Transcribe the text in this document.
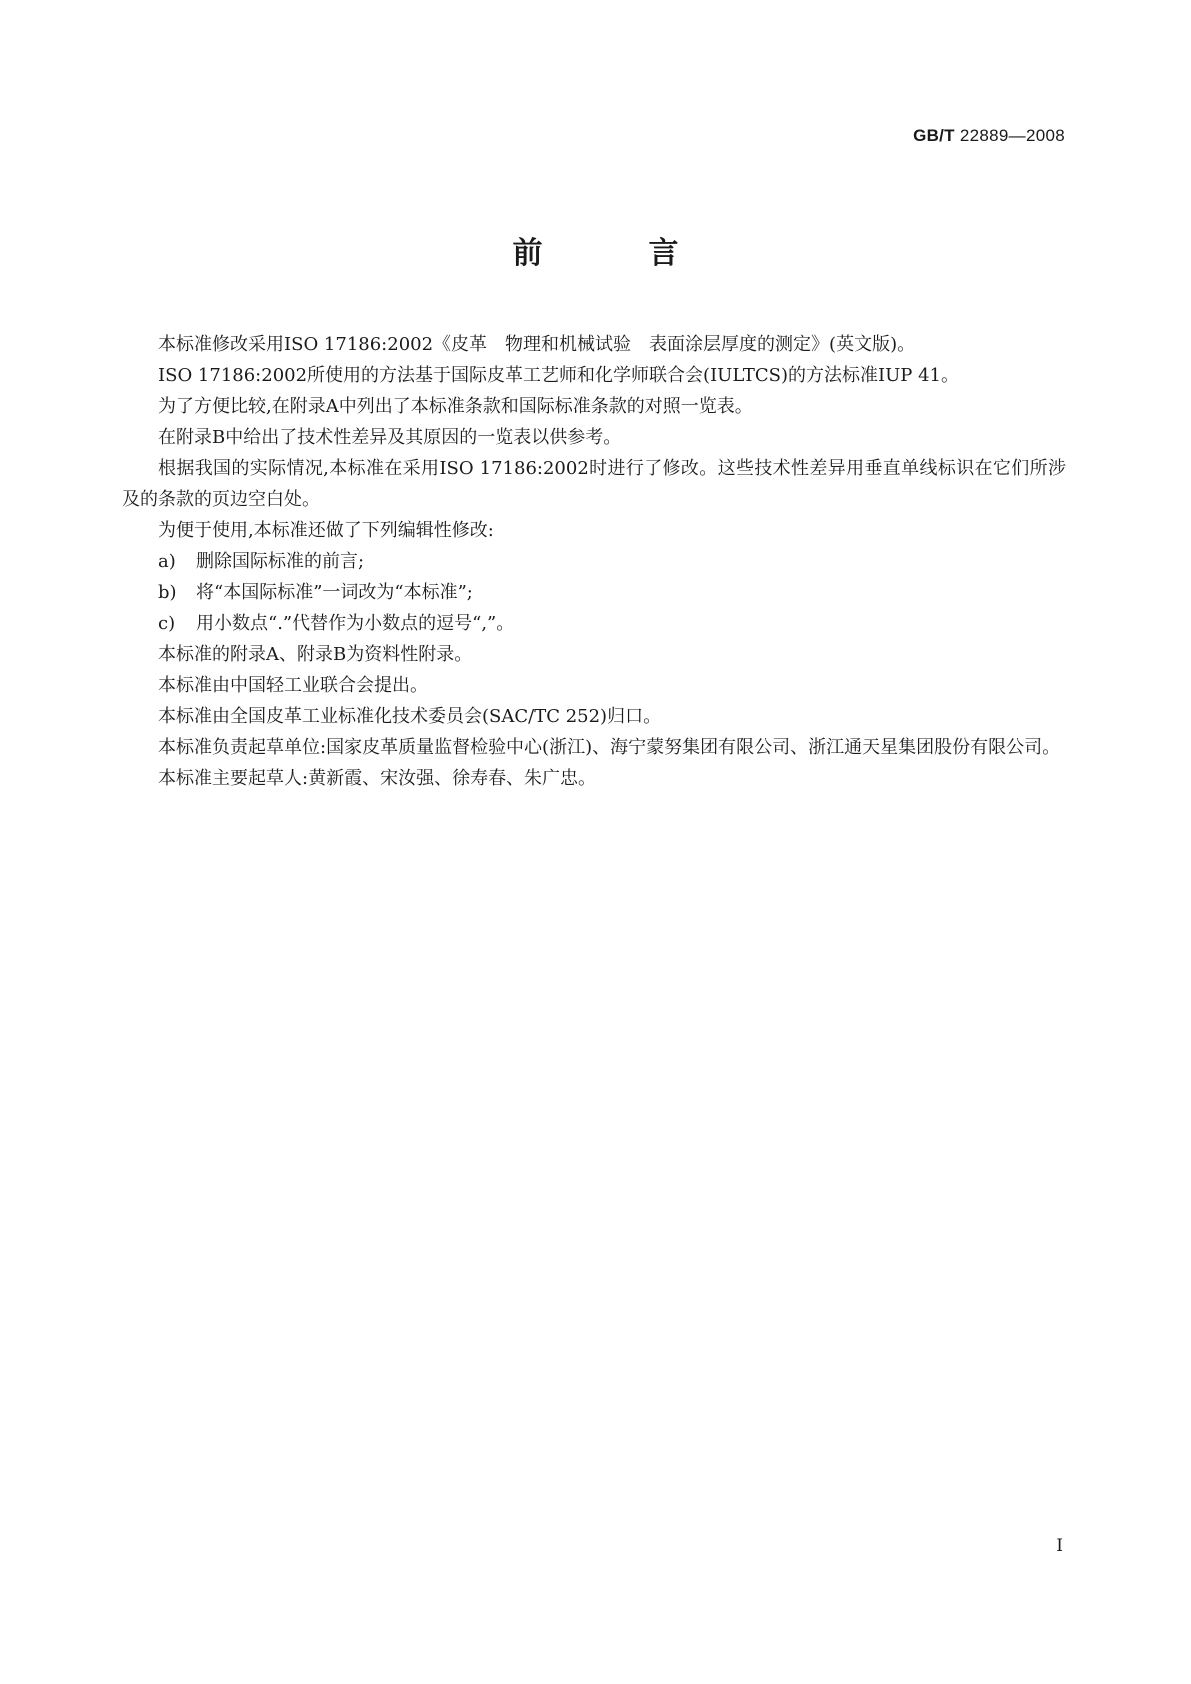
GB/T 22889—2008
前　言

本标准修改采用ISO 17186:2002《皮革　物理和机械试验　表面涂层厚度的测定》(英文版)。

ISO 17186:2002所使用的方法基于国际皮革工艺师和化学师联合会(IULTCS)的方法标准IUP 41。

为了方便比较,在附录A中列出了本标准条款和国际标准条款的对照一览表。

在附录B中给出了技术性差异及其原因的一览表以供参考。

根据我国的实际情况,本标准在采用ISO 17186:2002时进行了修改。这些技术性差异用垂直单线标识在它们所涉及的条款的页边空白处。

为便于使用,本标准还做了下列编辑性修改:

a) 删除国际标准的前言;

b) 将“本国际标准”一词改为“本标准”;

c) 用小数点“.”代替作为小数点的逗号“,”。

本标准的附录A、附录B为资料性附录。

本标准由中国轻工业联合会提出。

本标准由全国皮革工业标准化技术委员会(SAC/TC 252)归口。

本标准负责起草单位:国家皮革质量监督检验中心(浙江)、海宁蒙努集团有限公司、浙江通天星集团股份有限公司。

本标准主要起草人:黄新霞、宋汝强、徐寿春、朱广忠。

I
